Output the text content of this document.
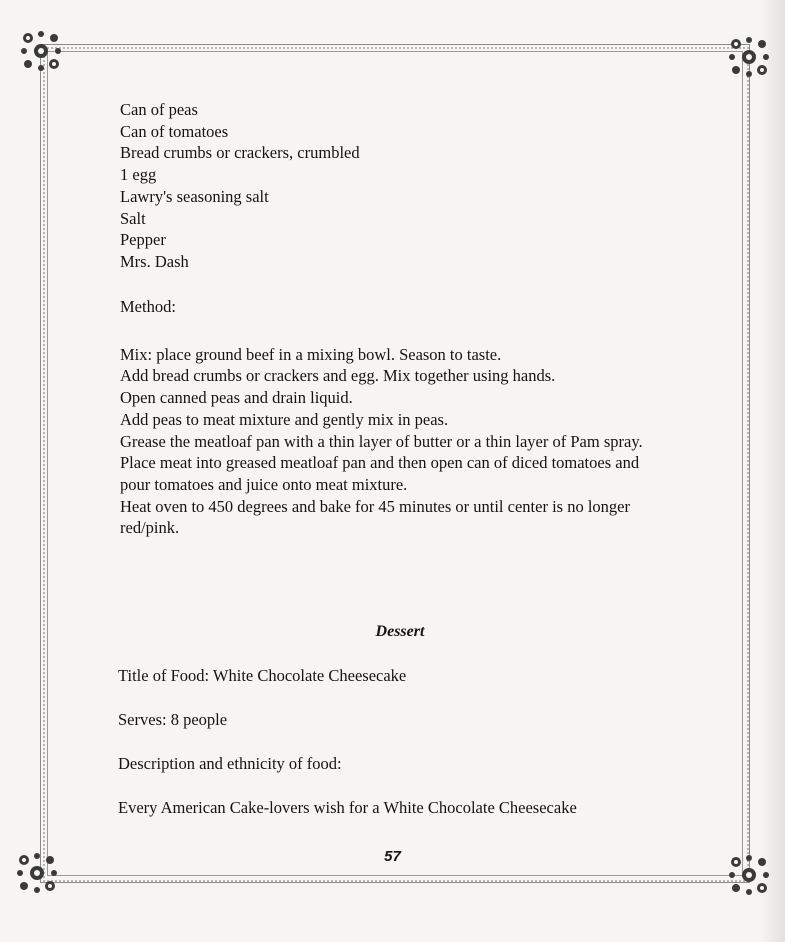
Can of peas

Can of tomatoes

Bread crumbs or crackers, crumbled

1 egg

Lawry's seasoning salt

Salt

Pepper

Mrs. Dash

Method:

Mix: place ground beef in a mixing bowl. Season to taste.

Add bread crumbs or crackers and egg. Mix together using hands.

Open canned peas and drain liquid.

Add peas to meat mixture and gently mix in peas.

Grease the meatloaf pan with a thin layer of butter or a thin layer of Pam spray.

Place meat into greased meatloaf pan and then open can of diced tomatoes and

pour tomatoes and juice onto meat mixture.

Heat oven to 450 degrees and bake for 45 minutes or until center is no longer

red/pink.

Dessert

Title of Food: White Chocolate Cheesecake

Serves: 8 people

Description and ethnicity of food:

Every American Cake-lovers wish for a White Chocolate Cheesecake

57
